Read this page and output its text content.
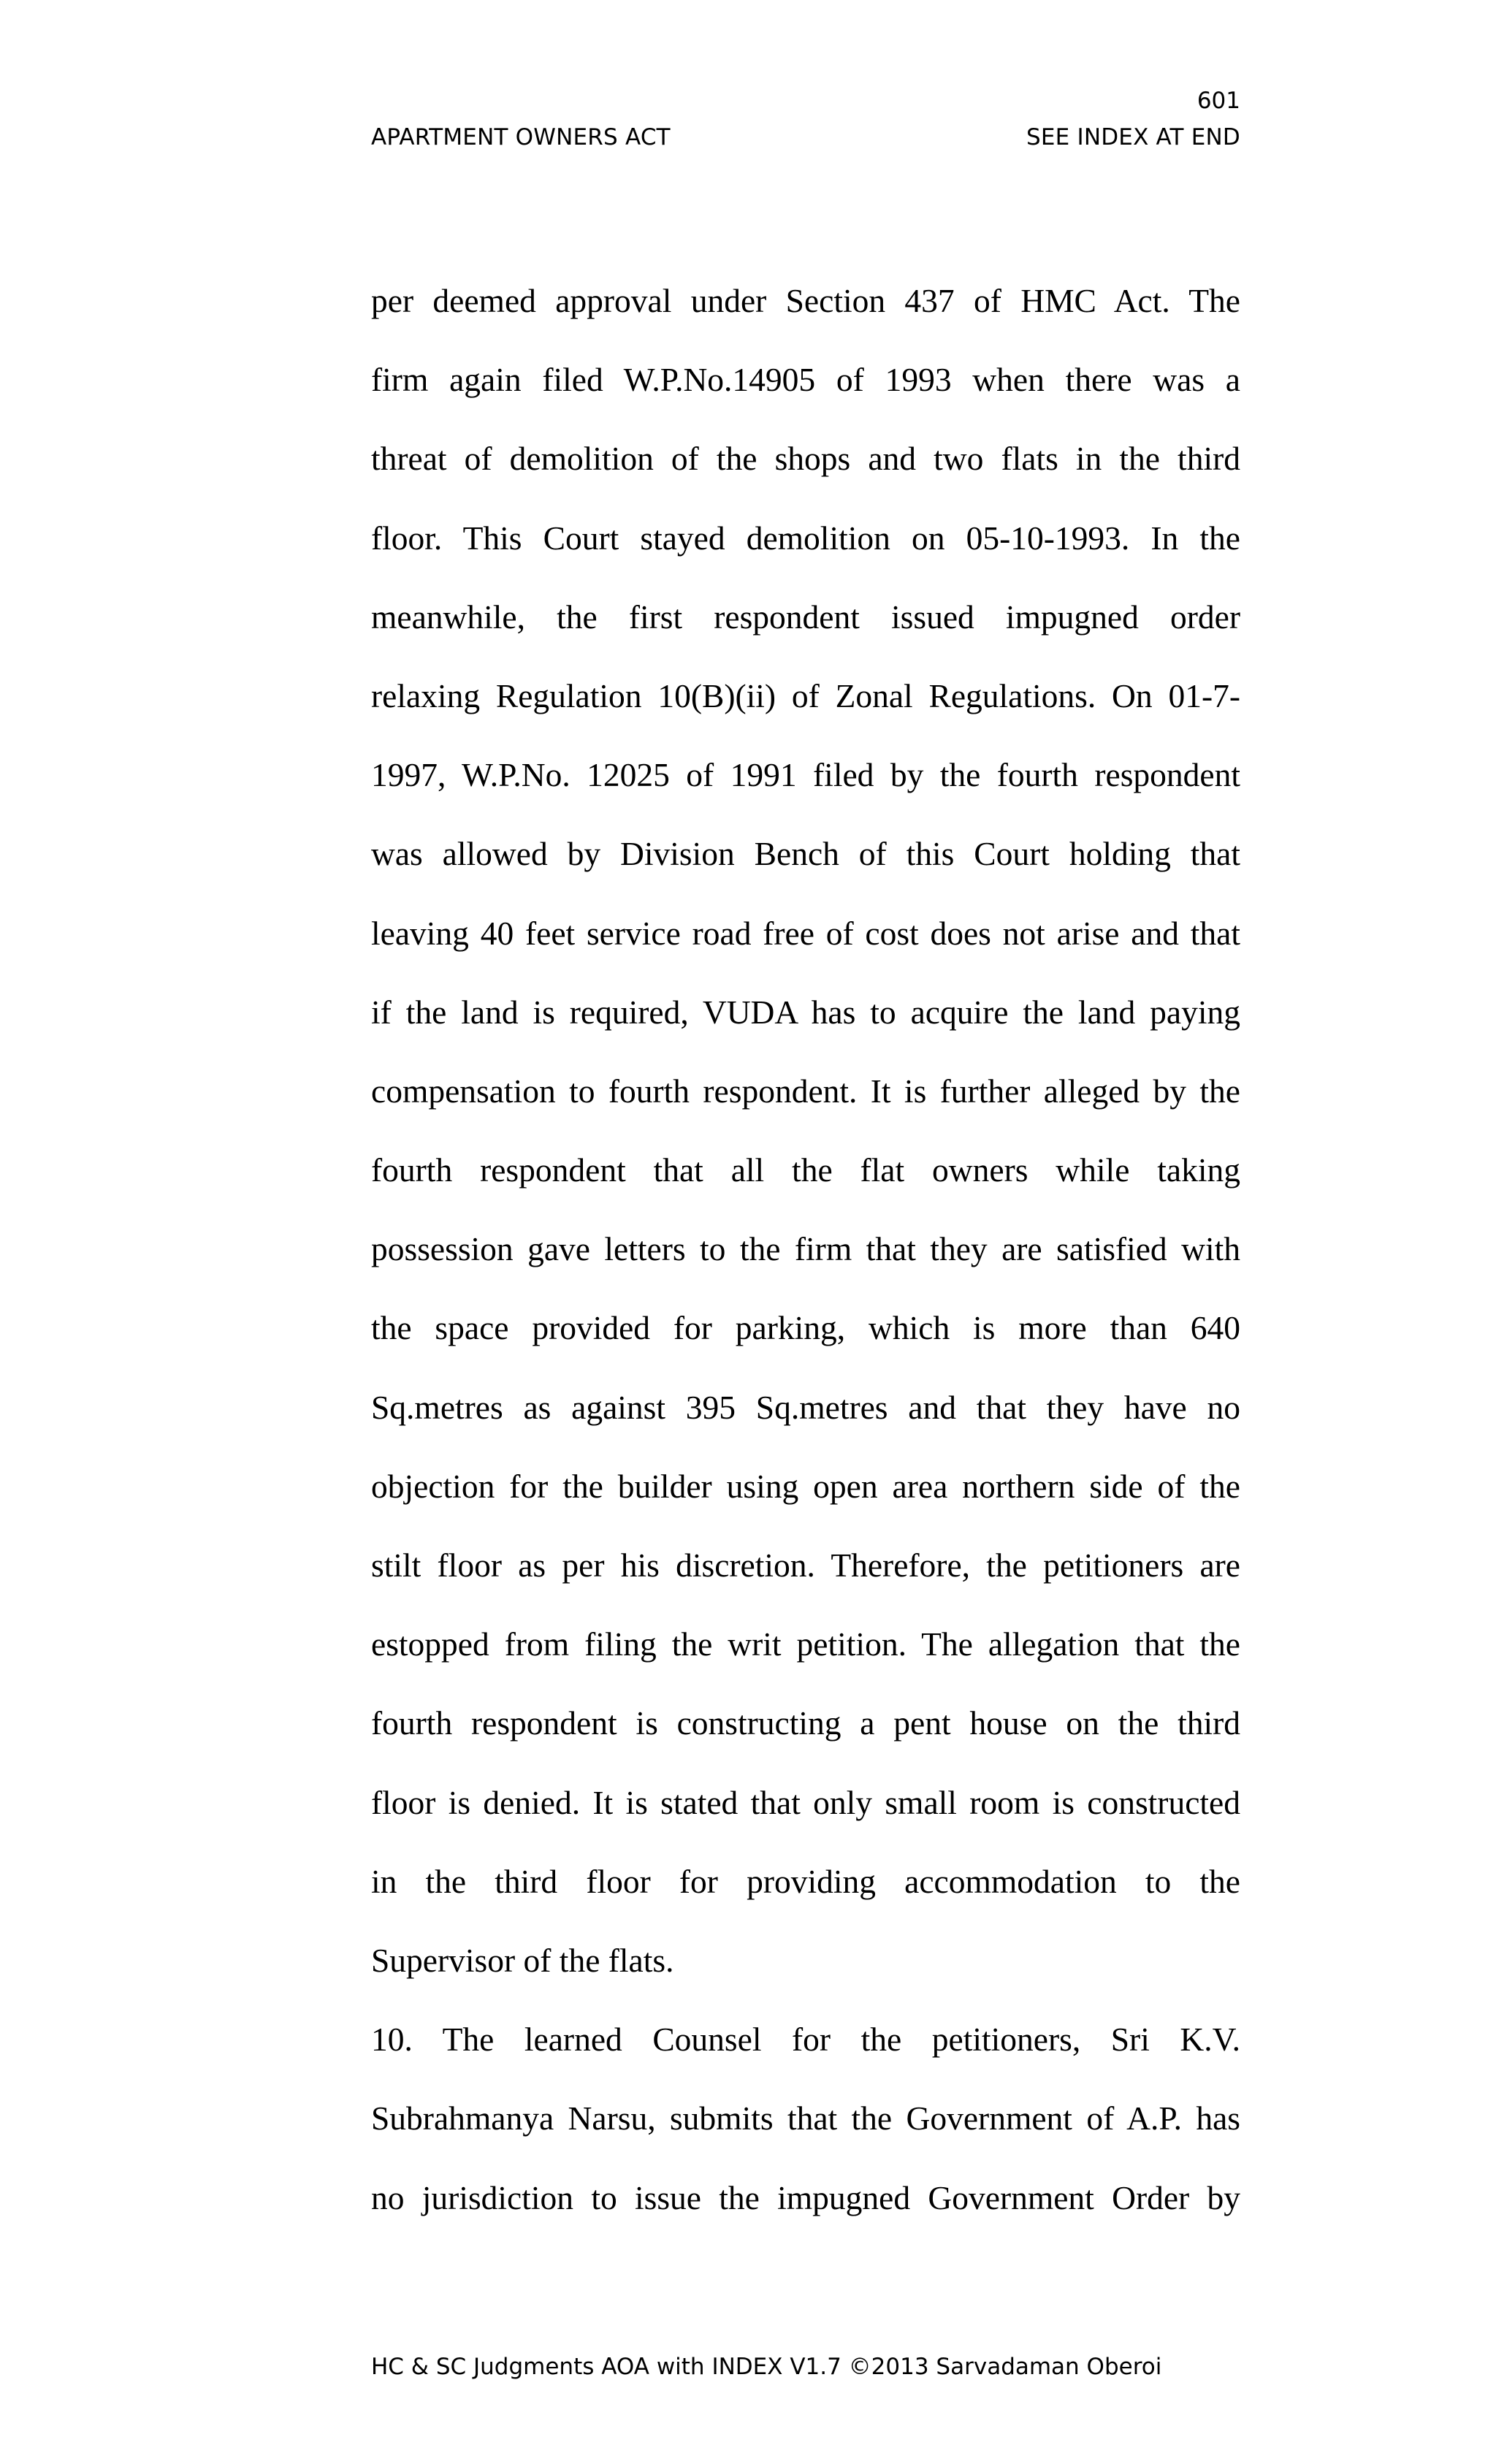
601
APARTMENT OWNERS ACT	SEE INDEX AT END
per deemed approval under Section 437 of HMC Act. The
firm again filed W.P.No.14905 of 1993 when there was a
threat of demolition of the shops and two flats in the third
floor. This Court stayed demolition on 05-10-1993. In the
meanwhile, the first respondent issued impugned order
relaxing Regulation 10(B)(ii) of Zonal Regulations. On 01-7-
1997, W.P.No. 12025 of 1991 filed by the fourth respondent
was allowed by Division Bench of this Court holding that
leaving 40 feet service road free of cost does not arise and that
if the land is required, VUDA has to acquire the land paying
compensation to fourth respondent. It is further alleged by the
fourth respondent that all the flat owners while taking
possession gave letters to the firm that they are satisfied with
the space provided for parking, which is more than 640
Sq.metres as against 395 Sq.metres and that they have no
objection for the builder using open area northern side of the
stilt floor as per his discretion. Therefore, the petitioners are
estopped from filing the writ petition. The allegation that the
fourth respondent is constructing a pent house on the third
floor is denied. It is stated that only small room is constructed
in the third floor for providing accommodation to the
Supervisor of the flats.
10. The learned Counsel for the petitioners, Sri K.V.
Subrahmanya Narsu, submits that the Government of A.P. has
no jurisdiction to issue the impugned Government Order by
HC & SC Judgments AOA with INDEX V1.7 ©2013 Sarvadaman Oberoi
